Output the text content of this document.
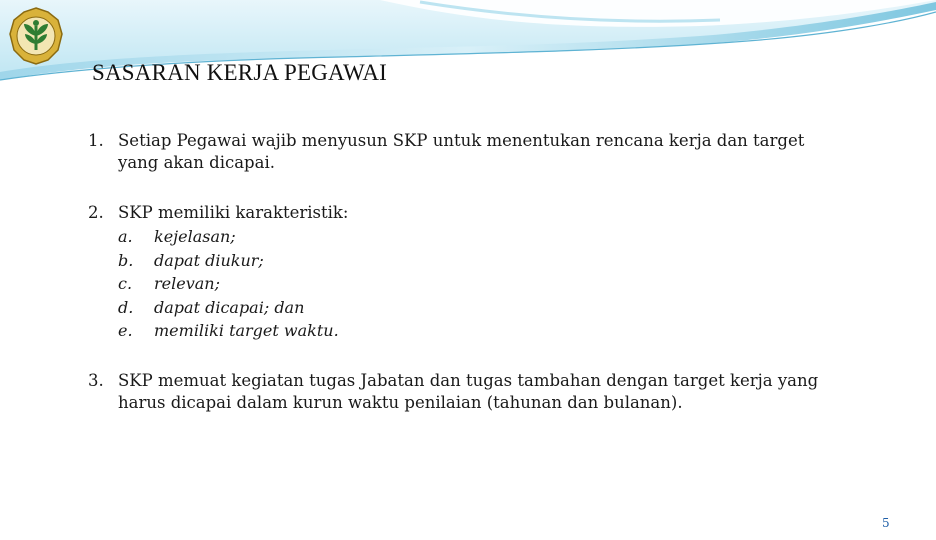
SASARAN KERJA PEGAWAI
1. Setiap Pegawai wajib menyusun SKP untuk menentukan rencana kerja dan target
yang akan dicapai.
2. SKP memiliki karakteristik:
a.	kejelasan;
b.	dapat diukur;
c.	relevan;
d.	dapat dicapai; dan
e.	memiliki target waktu.
3. SKP memuat kegiatan tugas Jabatan dan tugas tambahan dengan target kerja yang
harus dicapai dalam kurun waktu penilaian (tahunan dan bulanan).
5
